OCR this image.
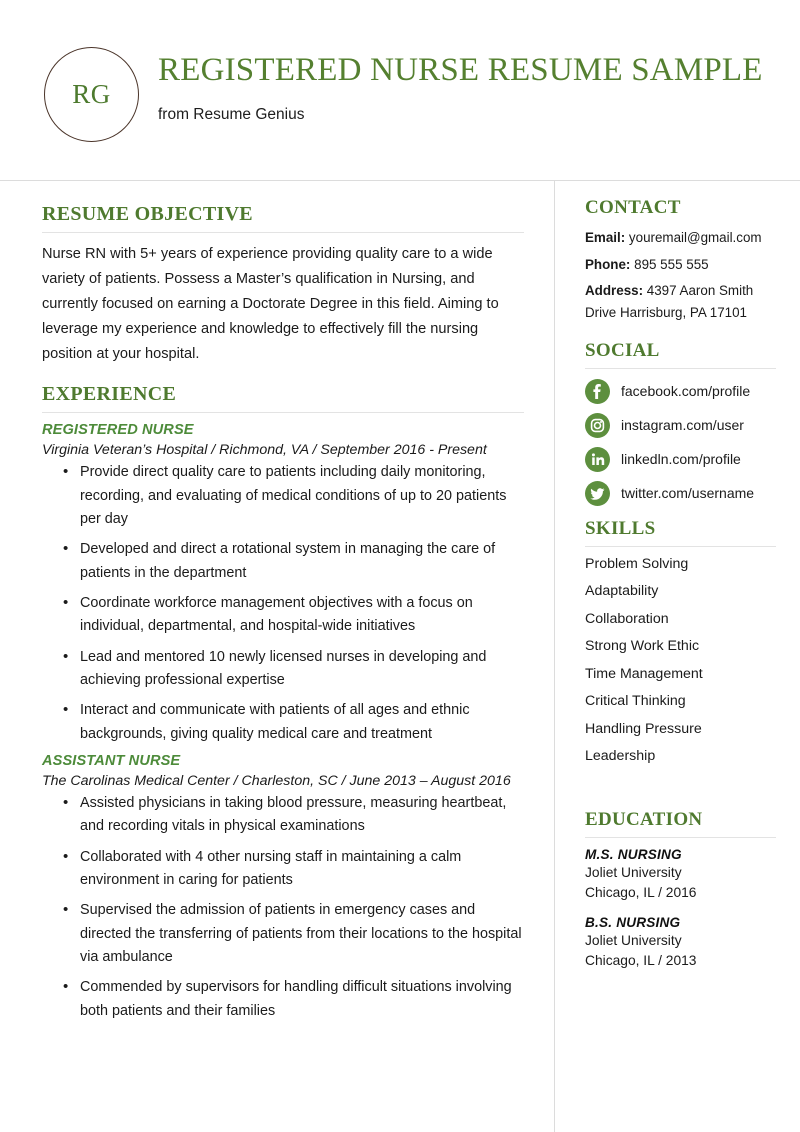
RG
REGISTERED NURSE RESUME SAMPLE
from Resume Genius
RESUME OBJECTIVE

Nurse RN with 5+ years of experience providing quality care to a wide variety of patients. Possess a Master’s qualification in Nursing, and currently focused on earning a Doctorate Degree in this field. Aiming to leverage my experience and knowledge to effectively fill the nursing position at your hospital.

EXPERIENCE
REGISTERED NURSE
Virginia Veteran’s Hospital / Richmond, VA / September 2016 - Present
• Provide direct quality care to patients including daily monitoring, recording, and evaluating of medical conditions of up to 20 patients per day
• Developed and direct a rotational system in managing the care of patients in the department
• Coordinate workforce management objectives with a focus on individual, departmental, and hospital-wide initiatives
• Lead and mentored 10 newly licensed nurses in developing and achieving professional expertise
• Interact and communicate with patients of all ages and ethnic backgrounds, giving quality medical care and treatment
ASSISTANT NURSE
The Carolinas Medical Center / Charleston, SC / June 2013 – August 2016
• Assisted physicians in taking blood pressure, measuring heartbeat, and recording vitals in physical examinations
• Collaborated with 4 other nursing staff in maintaining a calm environment in caring for patients
• Supervised the admission of patients in emergency cases and directed the transferring of patients from their locations to the hospital via ambulance
• Commended by supervisors for handling difficult situations involving both patients and their families
CONTACT
Email: youremail@gmail.com
Phone: 895 555 555
Address: 4397 Aaron Smith Drive Harrisburg, PA 17101
SOCIAL
facebook.com/profile
instagram.com/user
linkedln.com/profile
twitter.com/username
SKILLS
Problem Solving
Adaptability
Collaboration
Strong Work Ethic
Time Management
Critical Thinking
Handling Pressure
Leadership
EDUCATION
M.S. NURSING
Joliet University
Chicago, IL / 2016
B.S. NURSING
Joliet University
Chicago, IL / 2013
